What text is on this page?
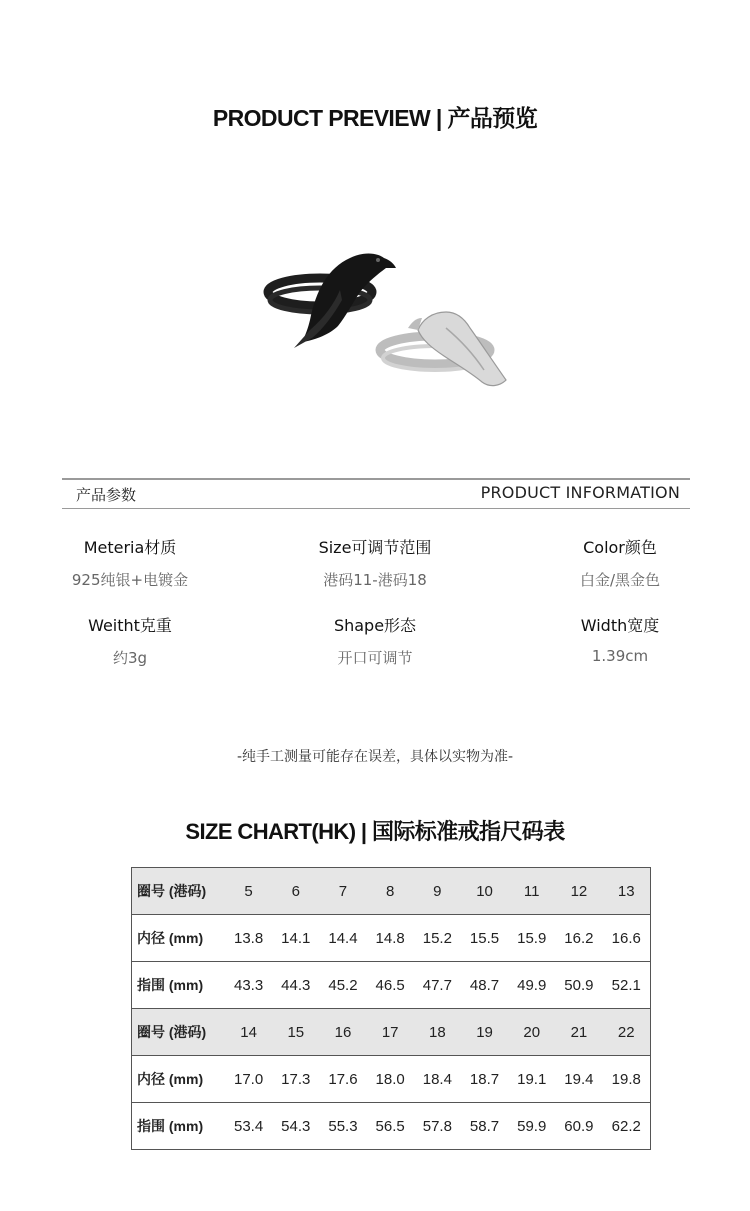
PRODUCT PREVIEW | 产品预览
产品参数	PRODUCT INFORMATION
Meteria材质
925纯银+电镀金
Size可调节范围
港码11-港码18
Color颜色
白金/黑金色
Weitht克重
约3g
Shape形态
开口可调节
Width宽度
1.39cm
-纯手工测量可能存在误差，具体以实物为准-
SIZE CHART(HK) | 国际标准戒指尺码表
圈号 (港码)	5	6	7	8	9	10	11	12	13
内径 (mm)	13.8	14.1	14.4	14.8	15.2	15.5	15.9	16.2	16.6
指围 (mm)	43.3	44.3	45.2	46.5	47.7	48.7	49.9	50.9	52.1
圈号 (港码)	14	15	16	17	18	19	20	21	22
内径 (mm)	17.0	17.3	17.6	18.0	18.4	18.7	19.1	19.4	19.8
指围 (mm)	53.4	54.3	55.3	56.5	57.8	58.7	59.9	60.9	62.2
